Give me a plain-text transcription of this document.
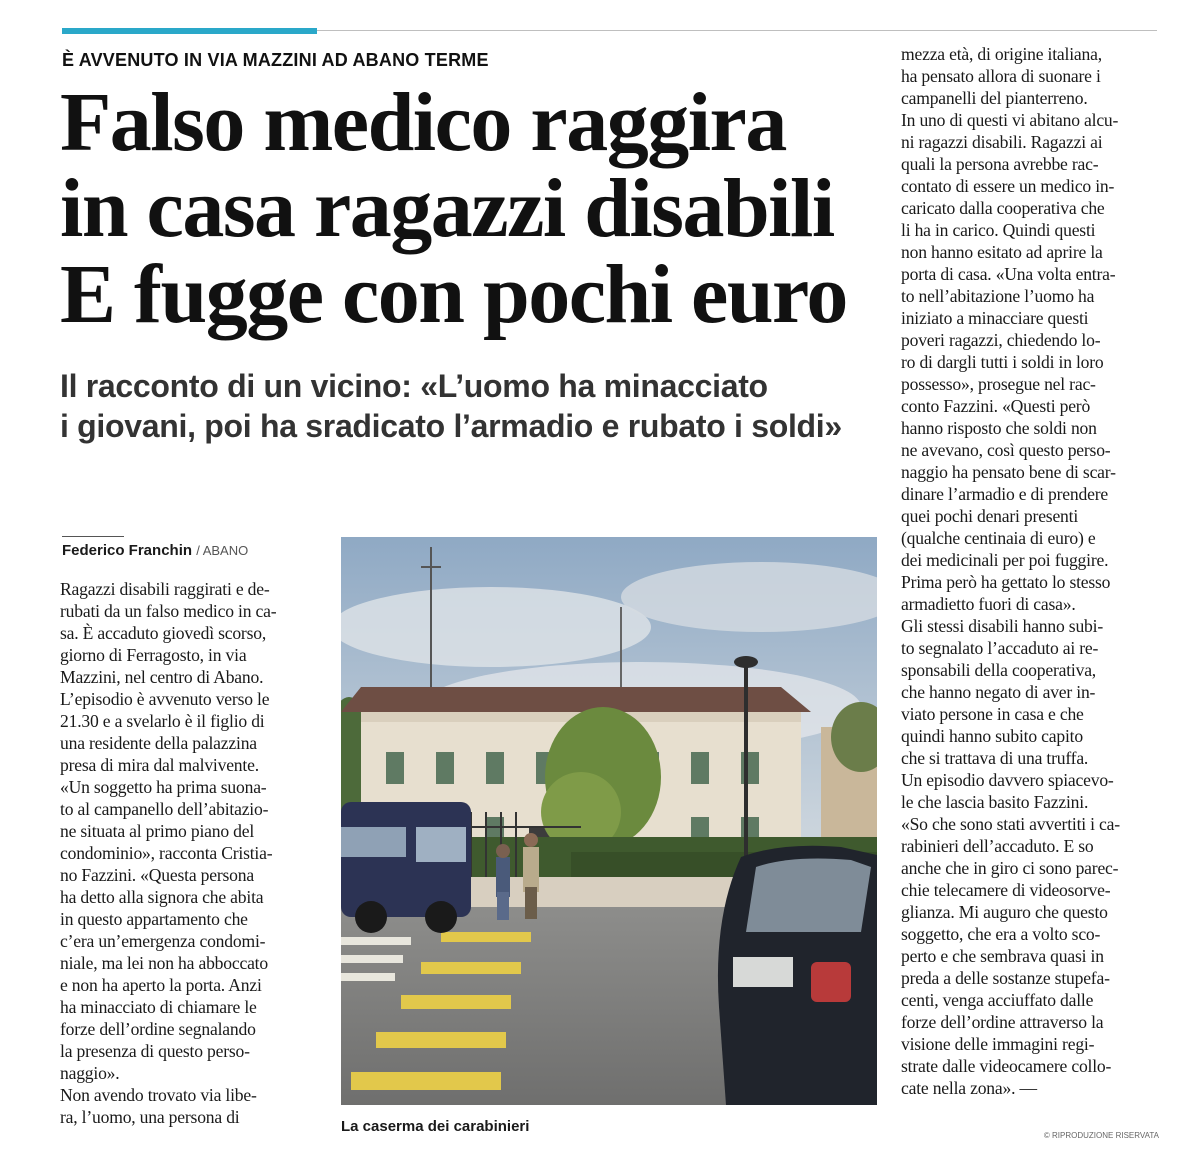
È AVVENUTO IN VIA MAZZINI AD ABANO TERME
Falso medico raggira
in casa ragazzi disabili
E fugge con pochi euro
Il racconto di un vicino: «L’uomo ha minacciato
i giovani, poi ha sradicato l’armadio e rubato i soldi»
Federico Franchin / ABANO
Ragazzi disabili raggirati e de-
rubati da un falso medico in ca-
sa. È accaduto giovedì scorso,
giorno di Ferragosto, in via
Mazzini, nel centro di Abano.
L’episodio è avvenuto verso le
21.30 e a svelarlo è il figlio di
una residente della palazzina
presa di mira dal malvivente.
«Un soggetto ha prima suona-
to al campanello dell’abitazio-
ne situata al primo piano del
condominio», racconta Cristia-
no Fazzini. «Questa persona
ha detto alla signora che abita
in questo appartamento che
c’era un’emergenza condomi-
niale, ma lei non ha abboccato
e non ha aperto la porta. Anzi
ha minacciato di chiamare le
forze dell’ordine segnalando
la presenza di questo perso-
naggio».
Non avendo trovato via libe-
ra, l’uomo, una persona di
mezza età, di origine italiana,
ha pensato allora di suonare i
campanelli del pianterreno.
In uno di questi vi abitano alcu-
ni ragazzi disabili. Ragazzi ai
quali la persona avrebbe rac-
contato di essere un medico in-
caricato dalla cooperativa che
li ha in carico. Quindi questi
non hanno esitato ad aprire la
porta di casa. «Una volta entra-
to nell’abitazione l’uomo ha
iniziato a minacciare questi
poveri ragazzi, chiedendo lo-
ro di dargli tutti i soldi in loro
possesso», prosegue nel rac-
conto Fazzini. «Questi però
hanno risposto che soldi non
ne avevano, così questo perso-
naggio ha pensato bene di scar-
dinare l’armadio e di prendere
quei pochi denari presenti
(qualche centinaia di euro) e
dei medicinali per poi fuggire.
Prima però ha gettato lo stesso
armadietto fuori di casa».
Gli stessi disabili hanno subi-
to segnalato l’accaduto ai re-
sponsabili della cooperativa,
che hanno negato di aver in-
viato persone in casa e che
quindi hanno subito capito
che si trattava di una truffa.
Un episodio davvero spiacevo-
le che lascia basito Fazzini.
«So che sono stati avvertiti i ca-
rabinieri dell’accaduto. E so
anche che in giro ci sono parec-
chie telecamere di videosorve-
glianza. Mi auguro che questo
soggetto, che era a volto sco-
perto e che sembrava quasi in
preda a delle sostanze stupefa-
centi, venga acciuffato dalle
forze dell’ordine attraverso la
visione delle immagini regi-
strate dalle videocamere collo-
cate nella zona». —
La caserma dei carabinieri
© RIPRODUZIONE RISERVATA
